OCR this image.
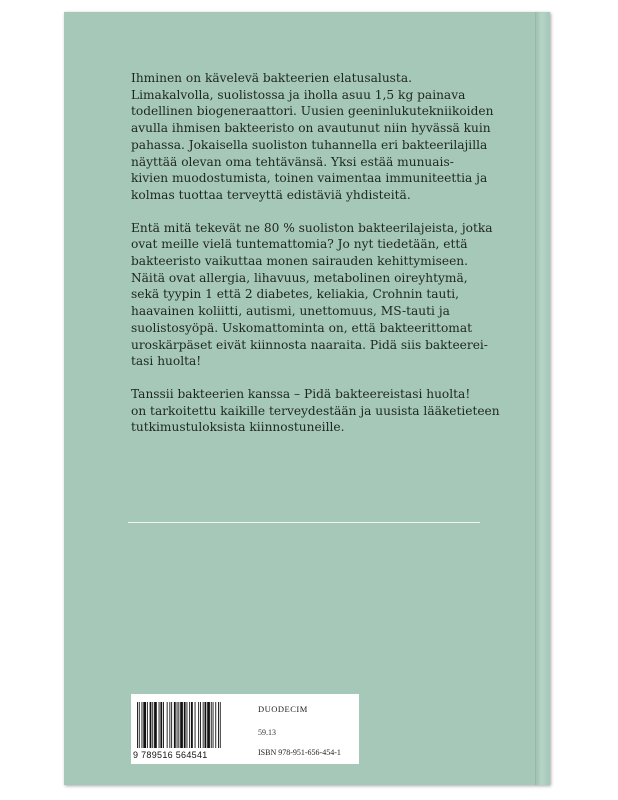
Ihminen on kävelevä bakteerien elatusalusta.
Limakalvolla, suolistossa ja iholla asuu 1,5 kg painava
todellinen biogeneraattori. Uusien geeninlukutekniikoiden
avulla ihmisen bakteeristo on avautunut niin hyvässä kuin
pahassa. Jokaisella suoliston tuhannella eri bakteerilajilla
näyttää olevan oma tehtävänsä. Yksi estää munuais-
kivien muodostumista, toinen vaimentaa immuniteettia ja
kolmas tuottaa terveyttä edistäviä yhdisteitä.
Entä mitä tekevät ne 80 % suoliston bakteerilajeista, jotka
ovat meille vielä tuntemattomia? Jo nyt tiedetään, että
bakteeristo vaikuttaa monen sairauden kehittymiseen.
Näitä ovat allergia, lihavuus, metabolinen oireyhtymä,
sekä tyypin 1 että 2 diabetes, keliakia, Crohnin tauti,
haavainen koliitti, autismi, unettomuus, MS-tauti ja
suolistosyöpä. Uskomattominta on, että bakteerittomat
uroskärpäset eivät kiinnosta naaraita. Pidä siis bakteerei-
tasi huolta!
Tanssii bakteerien kanssa – Pidä bakteereistasi huolta!
on tarkoitettu kaikille terveydestään ja uusista lääketieteen
tutkimustuloksista kiinnostuneille.
9 789516 564541
DUODECIM
59.13
ISBN 978-951-656-454-1
